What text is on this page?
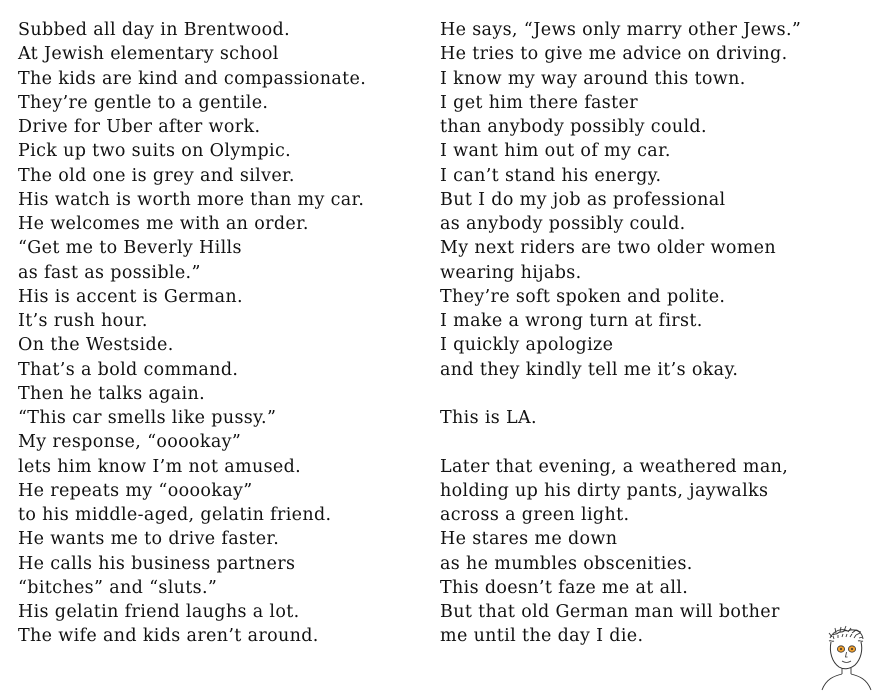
Subbed all day in Brentwood.
At Jewish elementary school
The kids are kind and compassionate.
They’re gentle to a gentile.
Drive for Uber after work.
Pick up two suits on Olympic.
The old one is grey and silver.
His watch is worth more than my car.
He welcomes me with an order.
“Get me to Beverly Hills
as fast as possible.”
His is accent is German.
It’s rush hour.
On the Westside.
That’s a bold command.
Then he talks again.
“This car smells like pussy.”
My response, “ooookay”
lets him know I’m not amused.
He repeats my “ooookay”
to his middle-aged, gelatin friend.
He wants me to drive faster.
He calls his business partners
“bitches” and “sluts.”
His gelatin friend laughs a lot.
The wife and kids aren’t around.
He says, “Jews only marry other Jews.”
He tries to give me advice on driving.
I know my way around this town.
I get him there faster
than anybody possibly could.
I want him out of my car.
I can’t stand his energy.
But I do my job as professional
as anybody possibly could.
My next riders are two older women
wearing hijabs.
They’re soft spoken and polite.
I make a wrong turn at first.
I quickly apologize
and they kindly tell me it’s okay.
This is LA.
Later that evening, a weathered man,
holding up his dirty pants, jaywalks
across a green light.
He stares me down
as he mumbles obscenities.
This doesn’t faze me at all.
But that old German man will bother
me until the day I die.
